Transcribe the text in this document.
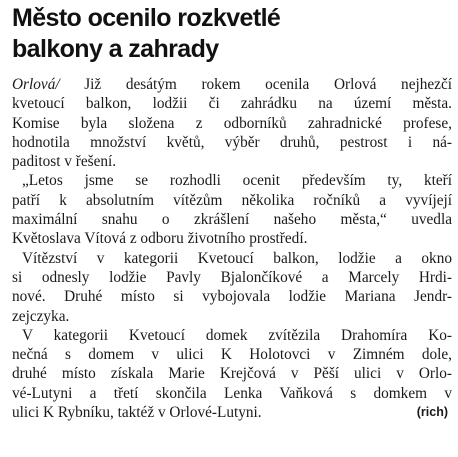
Město ocenilo rozkvetlé
balkony a zahrady
Orlová/ Již desátým rokem ocenila Orlová nejhezčí
kvetoucí balkon, lodžii či zahrádku na území města.
Komise byla složena z odborníků zahradnické profese,
hodnotila množství květů, výběr druhů, pestrost i ná-
paditost v řešení.
„Letos jsme se rozhodli ocenit především ty, kteří
patří k absolutním vítězům několika ročníků a vyvíjejí
maximální snahu o zkrášlení našeho města,“ uvedla
Květoslava Vítová z odboru životního prostředí.
Vítězství v kategorii Kvetoucí balkon, lodžie a okno
si odnesly lodžie Pavly Bjalončíkové a Marcely Hrdi-
nové. Druhé místo si vybojovala lodžie Mariana Jendr-
zejczyka.
V kategorii Kvetoucí domek zvítězila Drahomíra Ko-
nečná s domem v ulici K Holotovci v Zimném dole,
druhé místo získala Marie Krejčová v Pěší ulici v Orlo-
vé-Lutyni a třetí skončila Lenka Vaňková s domkem v
ulici K Rybníku, taktéž v Orlové-Lutyni.	(rich)
